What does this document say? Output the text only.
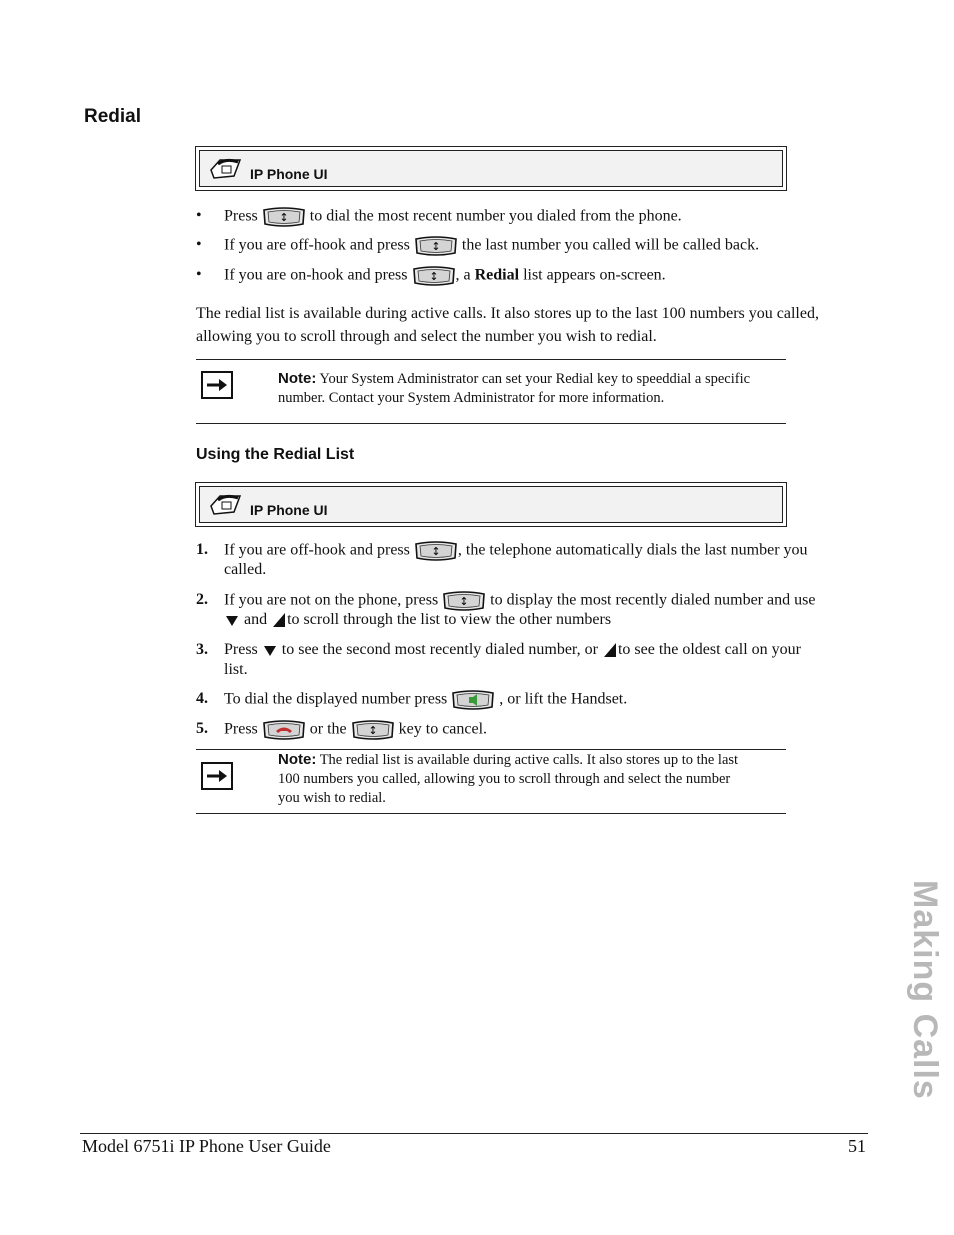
Redial
IP Phone UI
• Press ↕ to dial the most recent number you dialed from the phone.
• If you are off-hook and press ↕ the last number you called will be called back.
• If you are on-hook and press ↕ , a Redial list appears on-screen.
The redial list is available during active calls. It also stores up to the last 100 numbers you called,
allowing you to scroll through and select the number you wish to redial.
Note: Your System Administrator can set your Redial key to speeddial a specific
number. Contact your System Administrator for more information.
Using the Redial List
IP Phone UI
1. If you are off-hook and press ↕ , the telephone automatically dials the last number you
called.
2. If you are not on the phone, press ↕ to display the most recently dialed number and use
and to scroll through the list to view the other numbers
3. Press to see the second most recently dialed number, or to see the oldest call on your
list.
4. To dial the displayed number press	, or lift the Handset.
5. Press	or the ↕ key to cancel.
Note: The redial list is available during active calls. It also stores up to the last
100 numbers you called, allowing you to scroll through and select the number
you wish to redial.
Making Calls
Model 6751i IP Phone User Guide	51
